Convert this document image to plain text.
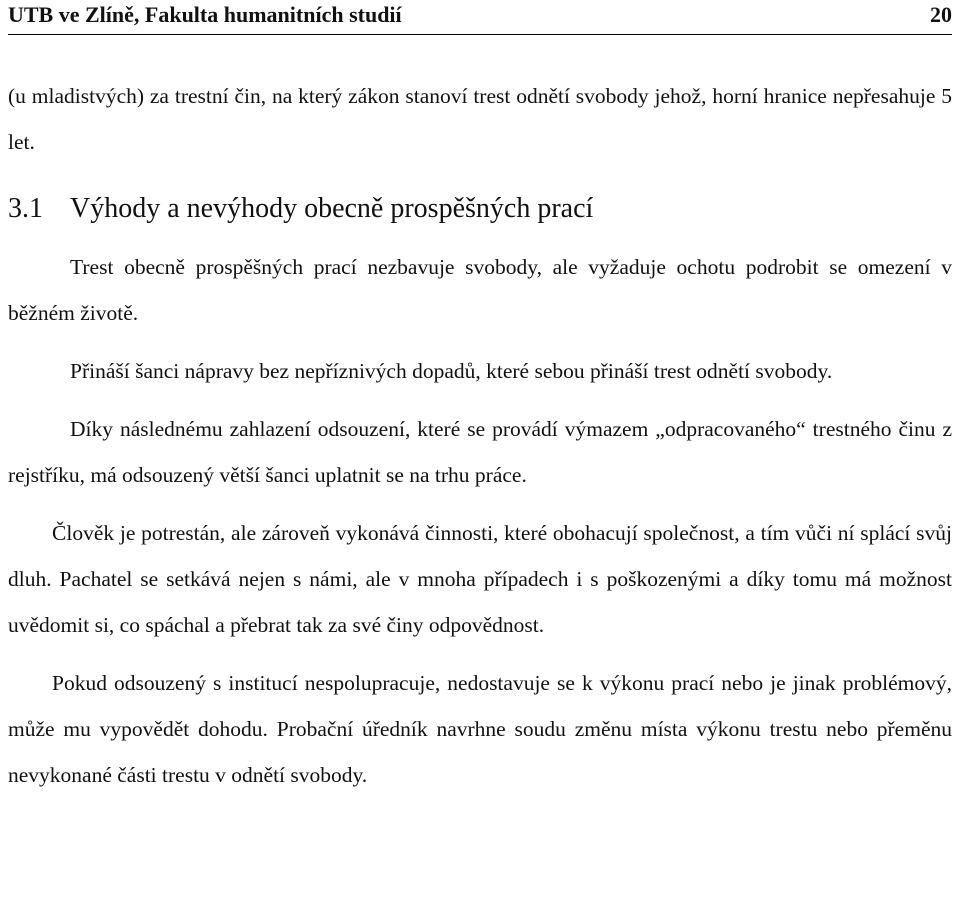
UTB ve Zlíně, Fakulta humanitních studií	20

(u mladistvých) za trestní čin, na který zákon stanoví trest odnětí svobody jehož, horní hranice nepřesahuje 5 let.

3.1 Výhody a nevýhody obecně prospěšných prací

Trest obecně prospěšných prací nezbavuje svobody, ale vyžaduje ochotu podrobit se omezení v běžném životě.

Přináší šanci nápravy bez nepříznivých dopadů, které sebou přináší trest odnětí svobody.

Díky následnému zahlazení odsouzení, které se provádí výmazem „odpracovaného“ trestného činu z rejstříku, má odsouzený větší šanci uplatnit se na trhu práce.

Člověk je potrestán, ale zároveň vykonává činnosti, které obohacují společnost, a tím vůči ní splácí svůj dluh. Pachatel se setkává nejen s námi, ale v mnoha případech i s poškozenými a díky tomu má možnost uvědomit si, co spáchal a přebrat tak za své činy odpovědnost.

Pokud odsouzený s institucí nespolupracuje, nedostavuje se k výkonu prací nebo je jinak problémový, může mu vypovědět dohodu. Probační úředník navrhne soudu změnu místa výkonu trestu nebo přeměnu nevykonané části trestu v odnětí svobody.
